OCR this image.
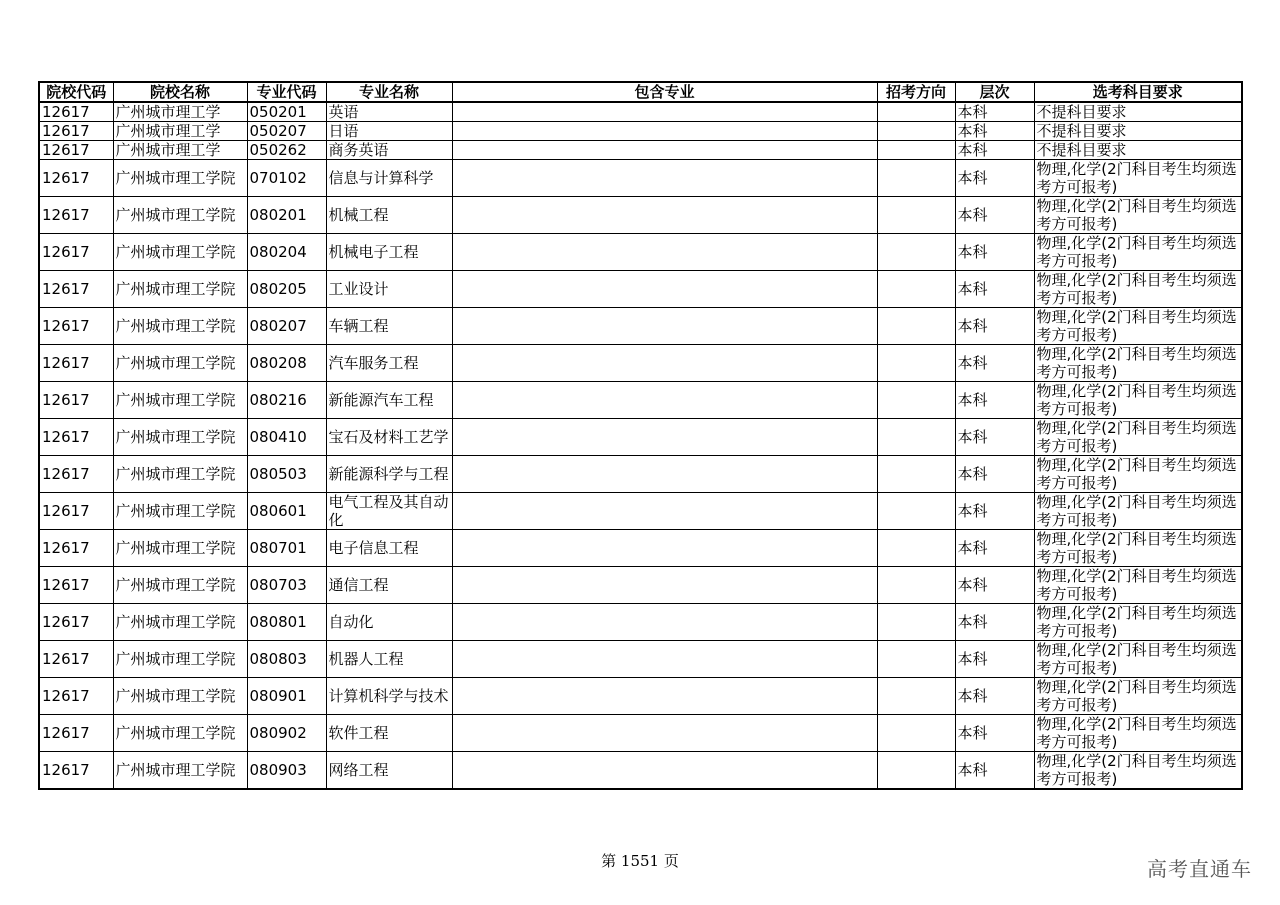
院校代码	院校名称	专业代码	专业名称	包含专业	招考方向	层次	选考科目要求
12617	广州城市理工学	050201	英语			本科	不提科目要求
12617	广州城市理工学	050207	日语			本科	不提科目要求
12617	广州城市理工学	050262	商务英语			本科	不提科目要求
12617	广州城市理工学院	070102	信息与计算科学			本科	物理,化学(2门科目考生均须选考方可报考)
12617	广州城市理工学院	080201	机械工程			本科	物理,化学(2门科目考生均须选考方可报考)
12617	广州城市理工学院	080204	机械电子工程			本科	物理,化学(2门科目考生均须选考方可报考)
12617	广州城市理工学院	080205	工业设计			本科	物理,化学(2门科目考生均须选考方可报考)
12617	广州城市理工学院	080207	车辆工程			本科	物理,化学(2门科目考生均须选考方可报考)
12617	广州城市理工学院	080208	汽车服务工程			本科	物理,化学(2门科目考生均须选考方可报考)
12617	广州城市理工学院	080216	新能源汽车工程			本科	物理,化学(2门科目考生均须选考方可报考)
12617	广州城市理工学院	080410	宝石及材料工艺学			本科	物理,化学(2门科目考生均须选考方可报考)
12617	广州城市理工学院	080503	新能源科学与工程			本科	物理,化学(2门科目考生均须选考方可报考)
12617	广州城市理工学院	080601	电气工程及其自动化			本科	物理,化学(2门科目考生均须选考方可报考)
12617	广州城市理工学院	080701	电子信息工程			本科	物理,化学(2门科目考生均须选考方可报考)
12617	广州城市理工学院	080703	通信工程			本科	物理,化学(2门科目考生均须选考方可报考)
12617	广州城市理工学院	080801	自动化			本科	物理,化学(2门科目考生均须选考方可报考)
12617	广州城市理工学院	080803	机器人工程			本科	物理,化学(2门科目考生均须选考方可报考)
12617	广州城市理工学院	080901	计算机科学与技术			本科	物理,化学(2门科目考生均须选考方可报考)
12617	广州城市理工学院	080902	软件工程			本科	物理,化学(2门科目考生均须选考方可报考)
12617	广州城市理工学院	080903	网络工程			本科	物理,化学(2门科目考生均须选考方可报考)
第 1551 页	高考直通车
